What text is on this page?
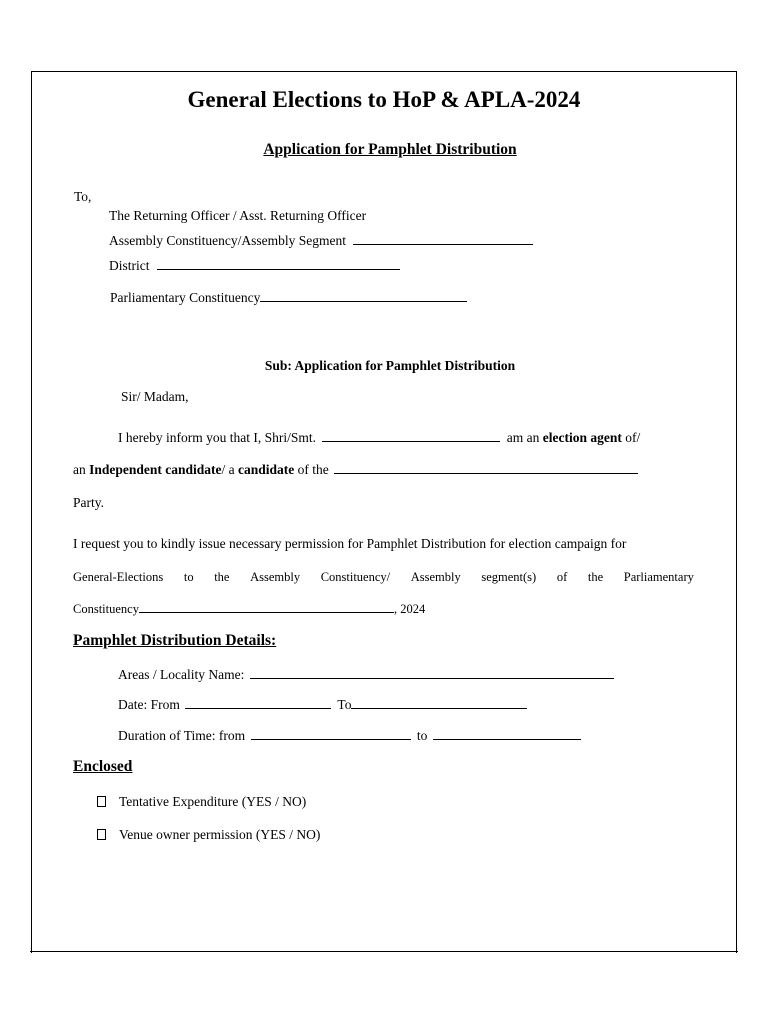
General Elections to HoP & APLA-2024
Application for Pamphlet Distribution
To,
The Returning Officer / Asst. Returning Officer
Assembly Constituency/Assembly Segment
District
Parliamentary Constituency
Sub: Application for Pamphlet Distribution
Sir/ Madam,
I hereby inform you that I, Shri/Smt.	am an election agent of/
an Independent candidate/ a candidate of the
Party.
I request you to kindly issue necessary permission for Pamphlet Distribution for election campaign for
General-Elections to the Assembly Constituency/ Assembly segment(s) of the Parliamentary
Constituency	, 2024
Pamphlet Distribution Details:
Areas / Locality Name:
Date: From	To
Duration of Time: from	to
Enclosed
Tentative Expenditure (YES / NO)
Venue owner permission (YES / NO)
